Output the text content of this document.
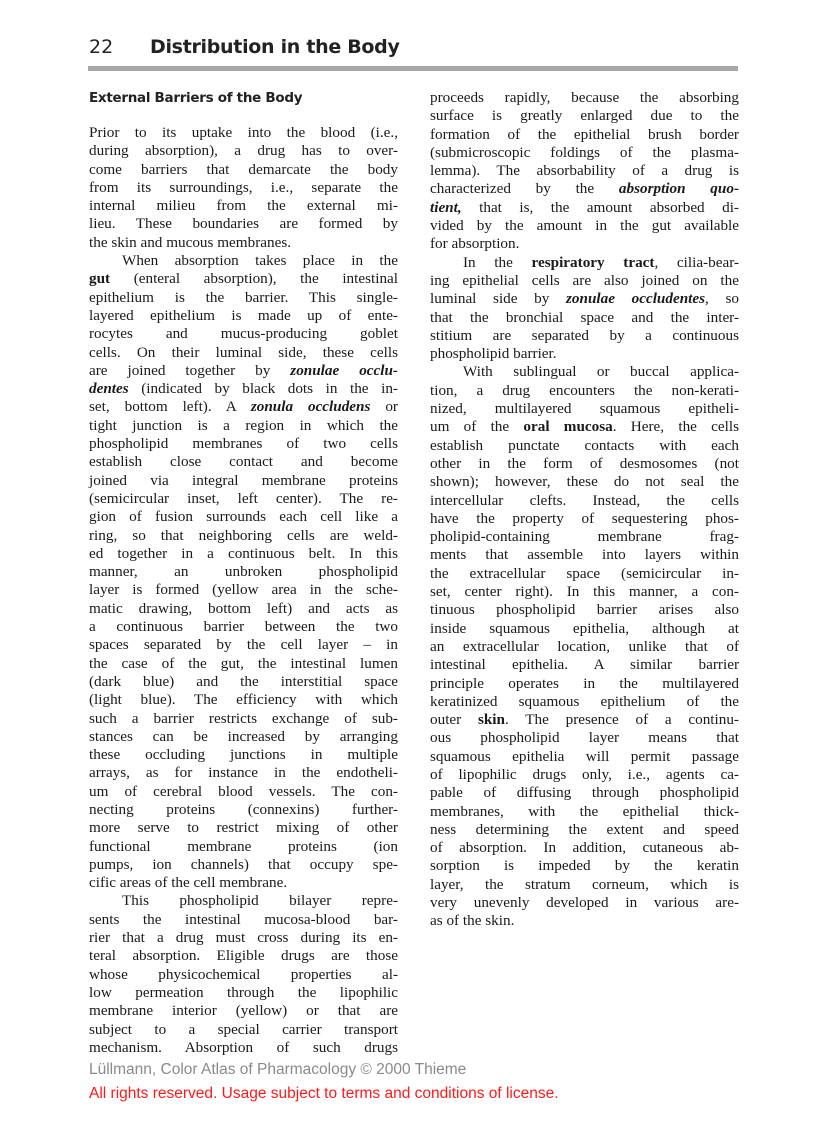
22 Distribution in the Body
External Barriers of the Body
Prior to its uptake into the blood (i.e.,
during absorption), a drug has to over-
come barriers that demarcate the body
from its surroundings, i.e., separate the
internal milieu from the external mi-
lieu. These boundaries are formed by
the skin and mucous membranes.
When absorption takes place in the
gut (enteral absorption), the intestinal
epithelium is the barrier. This single-
layered epithelium is made up of ente-
rocytes and mucus-producing goblet
cells. On their luminal side, these cells
are joined together by zonulae occlu-
dentes (indicated by black dots in the in-
set, bottom left). A zonula occludens or
tight junction is a region in which the
phospholipid membranes of two cells
establish close contact and become
joined via integral membrane proteins
(semicircular inset, left center). The re-
gion of fusion surrounds each cell like a
ring, so that neighboring cells are weld-
ed together in a continuous belt. In this
manner, an unbroken phospholipid
layer is formed (yellow area in the sche-
matic drawing, bottom left) and acts as
a continuous barrier between the two
spaces separated by the cell layer – in
the case of the gut, the intestinal lumen
(dark blue) and the interstitial space
(light blue). The efficiency with which
such a barrier restricts exchange of sub-
stances can be increased by arranging
these occluding junctions in multiple
arrays, as for instance in the endotheli-
um of cerebral blood vessels. The con-
necting proteins (connexins) further-
more serve to restrict mixing of other
functional membrane proteins (ion
pumps, ion channels) that occupy spe-
cific areas of the cell membrane.
This phospholipid bilayer repre-
sents the intestinal mucosa-blood bar-
rier that a drug must cross during its en-
teral absorption. Eligible drugs are those
whose physicochemical properties al-
low permeation through the lipophilic
membrane interior (yellow) or that are
subject to a special carrier transport
mechanism. Absorption of such drugs
proceeds rapidly, because the absorbing
surface is greatly enlarged due to the
formation of the epithelial brush border
(submicroscopic foldings of the plasma-
lemma). The absorbability of a drug is
characterized by the absorption quo-
tient, that is, the amount absorbed di-
vided by the amount in the gut available
for absorption.
In the respiratory tract, cilia-bear-
ing epithelial cells are also joined on the
luminal side by zonulae occludentes, so
that the bronchial space and the inter-
stitium are separated by a continuous
phospholipid barrier.
With sublingual or buccal applica-
tion, a drug encounters the non-kerati-
nized, multilayered squamous epitheli-
um of the oral mucosa. Here, the cells
establish punctate contacts with each
other in the form of desmosomes (not
shown); however, these do not seal the
intercellular clefts. Instead, the cells
have the property of sequestering phos-
pholipid-containing membrane frag-
ments that assemble into layers within
the extracellular space (semicircular in-
set, center right). In this manner, a con-
tinuous phospholipid barrier arises also
inside squamous epithelia, although at
an extracellular location, unlike that of
intestinal epithelia. A similar barrier
principle operates in the multilayered
keratinized squamous epithelium of the
outer skin. The presence of a continu-
ous phospholipid layer means that
squamous epithelia will permit passage
of lipophilic drugs only, i.e., agents ca-
pable of diffusing through phospholipid
membranes, with the epithelial thick-
ness determining the extent and speed
of absorption. In addition, cutaneous ab-
sorption is impeded by the keratin
layer, the stratum corneum, which is
very unevenly developed in various are-
as of the skin.
Lüllmann, Color Atlas of Pharmacology © 2000 Thieme
All rights reserved. Usage subject to terms and conditions of license.
